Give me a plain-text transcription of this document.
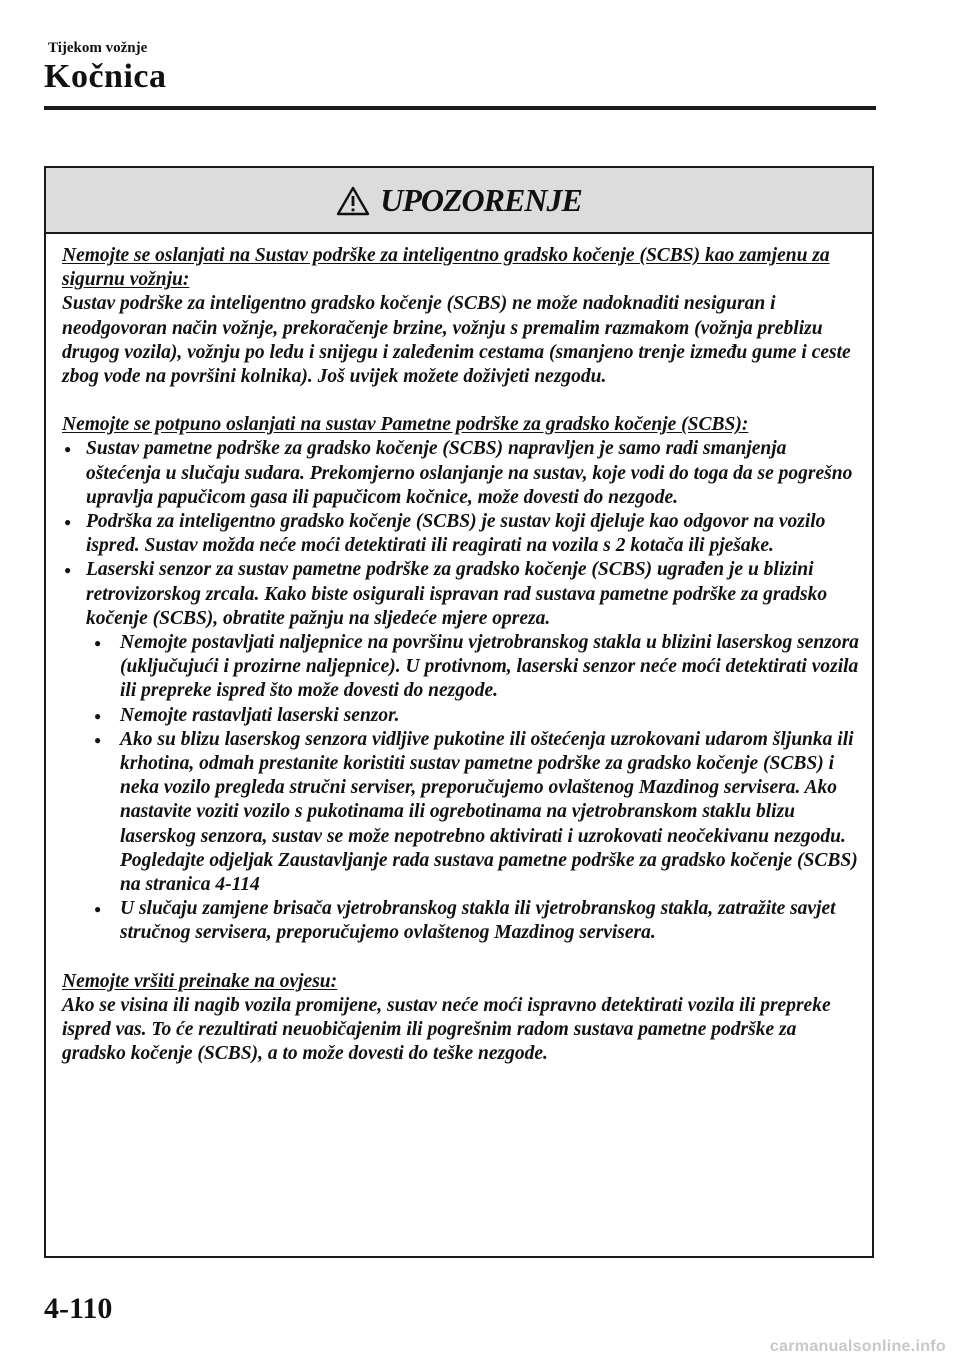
Tijekom vožnje
Kočnica
UPOZORENJE
Nemojte se oslanjati na Sustav podrške za inteligentno gradsko kočenje (SCBS) kao zamjenu za sigurnu vožnju:
Sustav podrške za inteligentno gradsko kočenje (SCBS) ne može nadoknaditi nesiguran i neodgovoran način vožnje, prekoračenje brzine, vožnju s premalim razmakom (vožnja preblizu drugog vozila), vožnju po ledu i snijegu i zaleđenim cestama (smanjeno trenje između gume i ceste zbog vode na površini kolnika). Još uvijek možete doživjeti nezgodu.
Nemojte se potpuno oslanjati na sustav Pametne podrške za gradsko kočenje (SCBS):
● Sustav pametne podrške za gradsko kočenje (SCBS) napravljen je samo radi smanjenja oštećenja u slučaju sudara. Prekomjerno oslanjanje na sustav, koje vodi do toga da se pogrešno upravlja papučicom gasa ili papučicom kočnice, može dovesti do nezgode.
● Podrška za inteligentno gradsko kočenje (SCBS) je sustav koji djeluje kao odgovor na vozilo ispred. Sustav možda neće moći detektirati ili reagirati na vozila s 2 kotača ili pješake.
● Laserski senzor za sustav pametne podrške za gradsko kočenje (SCBS) ugrađen je u blizini retrovizorskog zrcala. Kako biste osigurali ispravan rad sustava pametne podrške za gradsko kočenje (SCBS), obratite pažnju na sljedeće mjere opreza.
● Nemojte postavljati naljepnice na površinu vjetrobranskog stakla u blizini laserskog senzora (uključujući i prozirne naljepnice). U protivnom, laserski senzor neće moći detektirati vozila ili prepreke ispred što može dovesti do nezgode.
● Nemojte rastavljati laserski senzor.
● Ako su blizu laserskog senzora vidljive pukotine ili oštećenja uzrokovani udarom šljunka ili krhotina, odmah prestanite koristiti sustav pametne podrške za gradsko kočenje (SCBS) i neka vozilo pregleda stručni serviser, preporučujemo ovlaštenog Mazdinog servisera. Ako nastavite voziti vozilo s pukotinama ili ogrebotinama na vjetrobranskom staklu blizu laserskog senzora, sustav se može nepotrebno aktivirati i uzrokovati neočekivanu nezgodu. Pogledajte odjeljak Zaustavljanje rada sustava pametne podrške za gradsko kočenje (SCBS) na stranica 4-114
● U slučaju zamjene brisača vjetrobranskog stakla ili vjetrobranskog stakla, zatražite savjet stručnog servisera, preporučujemo ovlaštenog Mazdinog servisera.
Nemojte vršiti preinake na ovjesu:
Ako se visina ili nagib vozila promijene, sustav neće moći ispravno detektirati vozila ili prepreke ispred vas. To će rezultirati neuobičajenim ili pogrešnim radom sustava pametne podrške za gradsko kočenje (SCBS), a to može dovesti do teške nezgode.
4-110
carmanualsonline.info
